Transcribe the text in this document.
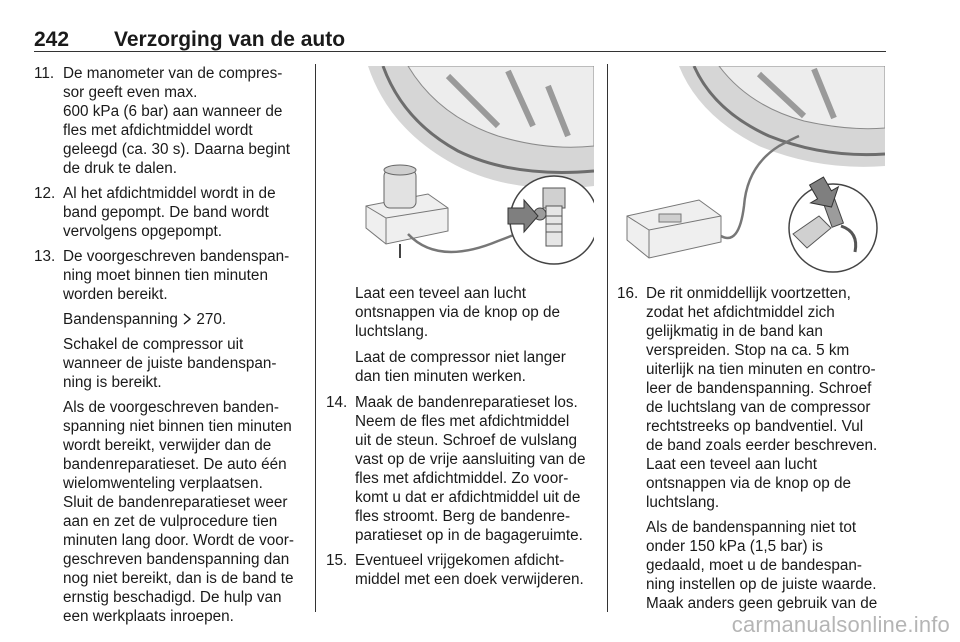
242 Verzorging van de auto
11. De manometer van de compres-
sor geeft even max.
600 kPa (6 bar) aan wanneer de
fles met afdichtmiddel wordt
geleegd (ca. 30 s). Daarna begint
de druk te dalen.

12. Al het afdichtmiddel wordt in de
band gepompt. De band wordt
vervolgens opgepompt.

13. De voorgeschreven bandenspan-
ning moet binnen tien minuten
worden bereikt.

Bandenspanning 270.

Schakel de compressor uit
wanneer de juiste bandenspan-
ning is bereikt.

Als de voorgeschreven banden-
spanning niet binnen tien minuten
wordt bereikt, verwijder dan de
bandenreparatieset. De auto één
wielomwenteling verplaatsen.
Sluit de bandenreparatieset weer
aan en zet de vulprocedure tien
minuten lang door. Wordt de voor-
geschreven bandenspanning dan
nog niet bereikt, dan is de band te
ernstig beschadigd. De hulp van
een werkplaats inroepen.

Laat een teveel aan lucht
ontsnappen via de knop op de
luchtslang.

Laat de compressor niet langer
dan tien minuten werken.

14. Maak de bandenreparatieset los.
Neem de fles met afdichtmiddel
uit de steun. Schroef de vulslang
vast op de vrije aansluiting van de
fles met afdichtmiddel. Zo voor-
komt u dat er afdichtmiddel uit de
fles stroomt. Berg de bandenre-
paratieset op in de bagageruimte.

15. Eventueel vrijgekomen afdicht-
middel met een doek verwijderen.

16. De rit onmiddellijk voortzetten,
zodat het afdichtmiddel zich
gelijkmatig in de band kan
verspreiden. Stop na ca. 5 km
uiterlijk na tien minuten en contro-
leer de bandenspanning. Schroef
de luchtslang van de compressor
rechtstreeks op bandventiel. Vul
de band zoals eerder beschreven.
Laat een teveel aan lucht
ontsnappen via de knop op de
luchtslang.

Als de bandenspanning niet tot
onder 150 kPa (1,5 bar) is
gedaald, moet u de bandespan-
ning instellen op de juiste waarde.
Maak anders geen gebruik van de

carmanualsonline.info
